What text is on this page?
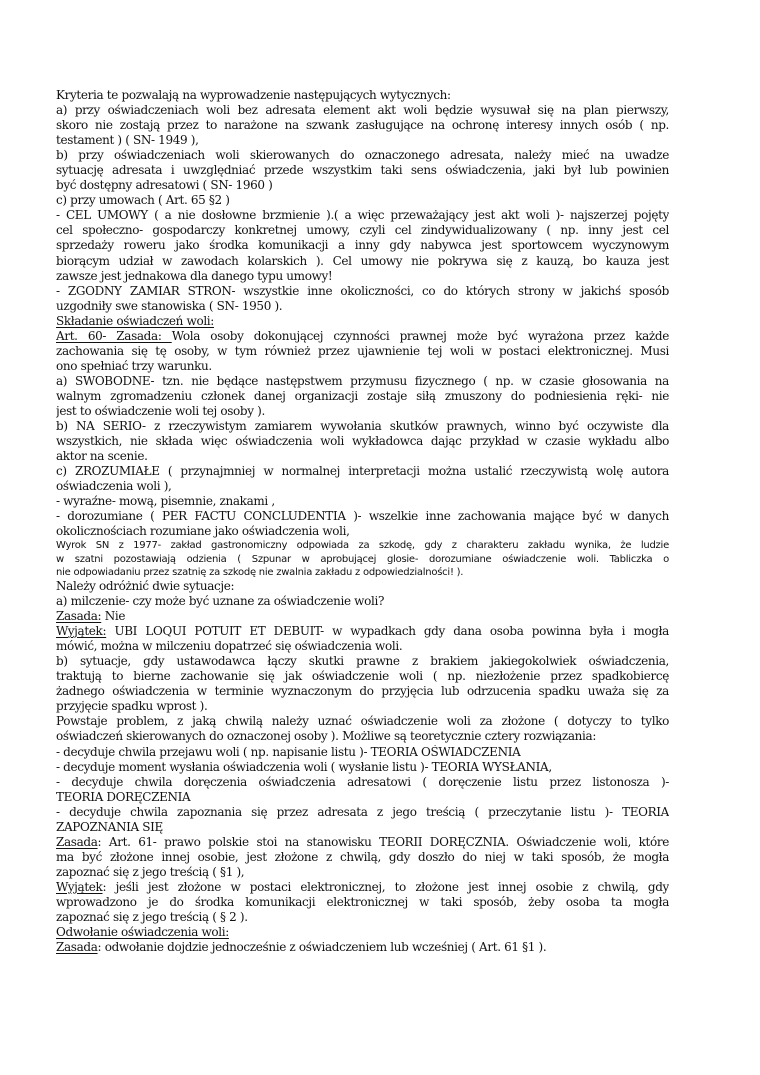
Kryteria te pozwalają na wyprowadzenie następujących wytycznych:
a) przy oświadczeniach woli bez adresata element akt woli będzie wysuwał się na plan pierwszy,
skoro nie zostają przez to narażone na szwank zasługujące na ochronę interesy innych osób ( np.
testament ) ( SN- 1949 ),
b) przy oświadczeniach woli skierowanych do oznaczonego adresata, należy mieć na uwadze
sytuację adresata i uwzględniać przede wszystkim taki sens oświadczenia, jaki był lub powinien
być dostępny adresatowi ( SN- 1960 )
c) przy umowach ( Art. 65 §2 )
- CEL UMOWY ( a nie dosłowne brzmienie ).( a więc przeważający jest akt woli )- najszerzej pojęty
cel społeczno- gospodarczy konkretnej umowy, czyli cel zindywidualizowany ( np. inny jest cel
sprzedaży roweru jako środka komunikacji a inny gdy nabywca jest sportowcem wyczynowym
biorącym udział w zawodach kolarskich ). Cel umowy nie pokrywa się z kauzą, bo kauza jest
zawsze jest jednakowa dla danego typu umowy!
- ZGODNY ZAMIAR STRON- wszystkie inne okoliczności, co do których strony w jakichś sposób
uzgodniły swe stanowiska ( SN- 1950 ).
Składanie oświadczeń woli:
Art. 60- Zasada: Wola osoby dokonującej czynności prawnej może być wyrażona przez każde
zachowania się tę osoby, w tym również przez ujawnienie tej woli w postaci elektronicznej. Musi
ono spełniać trzy warunku.
a) SWOBODNE- tzn. nie będące następstwem przymusu fizycznego ( np. w czasie głosowania na
walnym zgromadzeniu członek danej organizacji zostaje siłą zmuszony do podniesienia ręki- nie
jest to oświadczenie woli tej osoby ).
b) NA SERIO- z rzeczywistym zamiarem wywołania skutków prawnych, winno być oczywiste dla
wszystkich, nie składa więc oświadczenia woli wykładowca dając przykład w czasie wykładu albo
aktor na scenie.
c) ZROZUMIAŁE ( przynajmniej w normalnej interpretacji można ustalić rzeczywistą wolę autora
oświadczenia woli ),
- wyraźne- mową, pisemnie, znakami ,
- dorozumiane ( PER FACTU CONCLUDENTIA )- wszelkie inne zachowania mające być w danych
okolicznościach rozumiane jako oświadczenia woli,
Wyrok SN z 1977- zakład gastronomiczny odpowiada za szkodę, gdy z charakteru zakładu wynika, że ludzie
w szatni pozostawiają odzienia ( Szpunar w aprobującej glosie- dorozumiane oświadczenie woli. Tabliczka o
nie odpowiadaniu przez szatnię za szkodę nie zwalnia zakładu z odpowiedzialności! ).
Należy odróżnić dwie sytuacje:
a) milczenie- czy może być uznane za oświadczenie woli?
Zasada: Nie
Wyjątek: UBI LOQUI POTUIT ET DEBUIT- w wypadkach gdy dana osoba powinna była i mogła
mówić, można w milczeniu dopatrzeć się oświadczenia woli.
b) sytuacje, gdy ustawodawca łączy skutki prawne z brakiem jakiegokolwiek oświadczenia,
traktują to bierne zachowanie się jak oświadczenie woli ( np. niezłożenie przez spadkobiercę
żadnego oświadczenia w terminie wyznaczonym do przyjęcia lub odrzucenia spadku uważa się za
przyjęcie spadku wprost ).
Powstaje problem, z jaką chwilą należy uznać oświadczenie woli za złożone ( dotyczy to tylko
oświadczeń skierowanych do oznaczonej osoby ). Możliwe są teoretycznie cztery rozwiązania:
- decyduje chwila przejawu woli ( np. napisanie listu )- TEORIA OŚWIADCZENIA
- decyduje moment wysłania oświadczenia woli ( wysłanie listu )- TEORIA WYSŁANIA,
- decyduje chwila doręczenia oświadczenia adresatowi ( doręczenie listu przez listonosza )-
TEORIA DORĘCZENIA
- decyduje chwila zapoznania się przez adresata z jego treścią ( przeczytanie listu )- TEORIA
ZAPOZNANIA SIĘ
Zasada: Art. 61- prawo polskie stoi na stanowisku TEORII DORĘCZNIA. Oświadczenie woli, które
ma być złożone innej osobie, jest złożone z chwilą, gdy doszło do niej w taki sposób, że mogła
zapoznać się z jego treścią ( §1 ),
Wyjątek: jeśli jest złożone w postaci elektronicznej, to złożone jest innej osobie z chwilą, gdy
wprowadzono je do środka komunikacji elektronicznej w taki sposób, żeby osoba ta mogła
zapoznać się z jego treścią ( § 2 ).
Odwołanie oświadczenia woli:
Zasada: odwołanie dojdzie jednocześnie z oświadczeniem lub wcześniej ( Art. 61 §1 ).
